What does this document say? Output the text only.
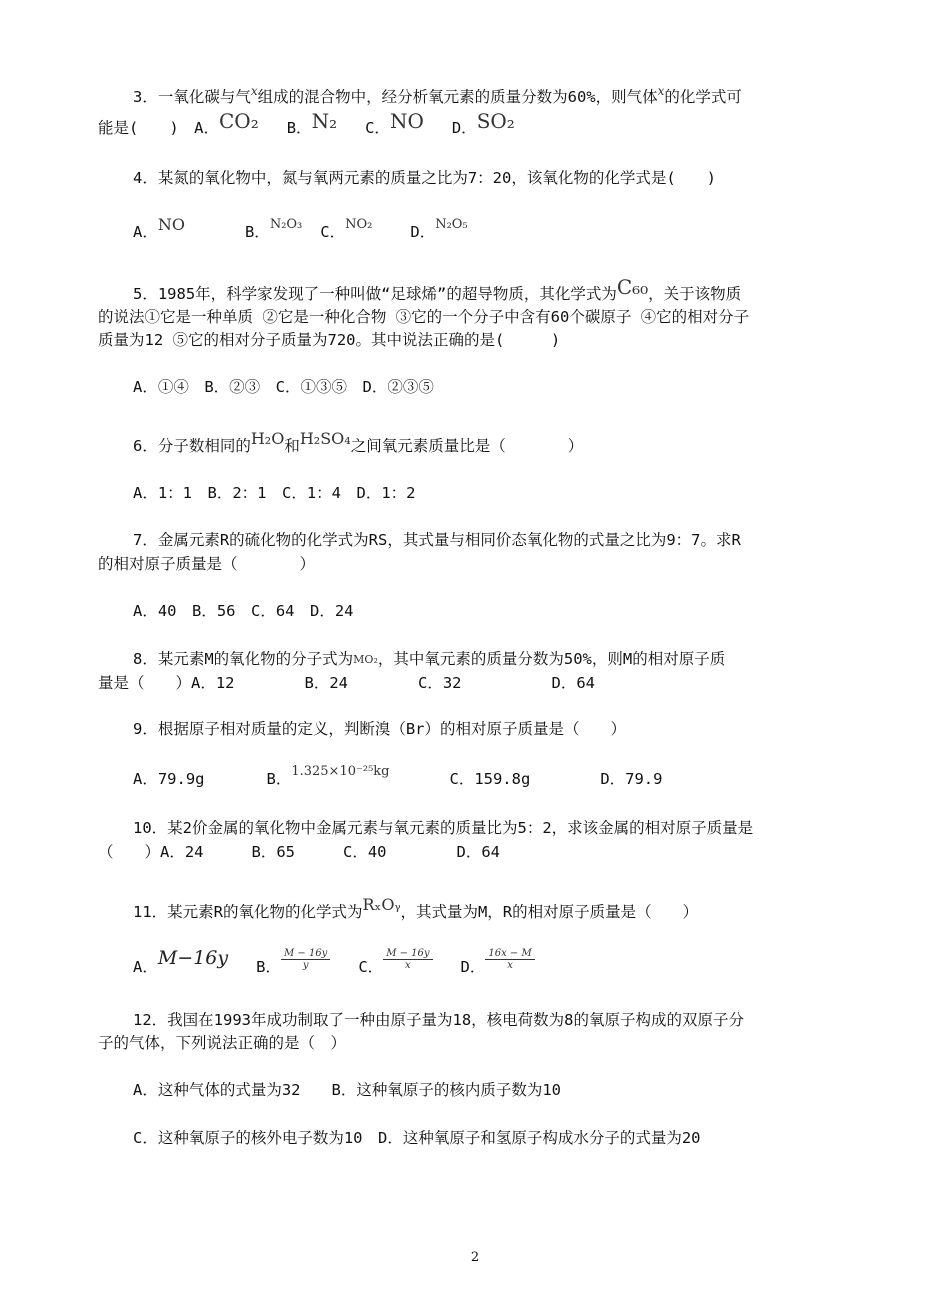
3．一氧化碳与气$^x$组成的混合物中，经分析氧元素的质量分数为60%，则气体$^x$的化学式可
能是(　　)　A．CO₂ B．N₂ C．NO D．SO₂
4．某氮的氧化物中，氮与氧两元素的质量之比为7：20，该氧化物的化学式是(　　)
A．NO	B．N₂O₃ C．NO₂ D．N₂O₅
5．1985年，科学家发现了一种叫做“足球烯”的超导物质，其化学式为C₆₀，关于该物质
的说法①它是一种单质 ②它是一种化合物 ③它的一个分子中含有60个碳原子 ④它的相对分子
质量为12 ⑤它的相对分子质量为720。其中说法正确的是(　　　)
A．①④　B．②③　C．①③⑤　D．②③⑤
6．分子数相同的H₂O和H₂SO₄之间氧元素质量比是（　　　　）
A．1：1　B．2：1　C．1：4　D．1：2
7．金属元素R的硫化物的化学式为RS，其式量与相同价态氧化物的式量之比为9：7。求R
的相对原子质量是（　　　　）
A．40　B．56　C．64　D．24
8．某元素M的氧化物的分子式为MO₂，其中氧元素的质量分数为50%，则M的相对原子质
量是（　　）A．12	B．24	C．32	D．64
9．根据原子相对质量的定义，判断溴（Br）的相对原子质量是（　　）
A．79.9g	B．1.325×10⁻²⁵kg	C．159.8g	D．79.9
10．某2价金属的氧化物中金属元素与氧元素的质量比为5：2，求该金属的相对原子质量是
（　　）A．24	B．65	C．40	D．64
11．某元素R的氧化物的化学式为RₓOᵧ，其式量为M，R的相对原子质量是（　　）
A．M−16y B． $\frac{M - 16y}{y}$ C． $\frac{M - 16y}{x}$ D． $\frac{16x - M}{x}$
12．我国在1993年成功制取了一种由原子量为18，核电荷数为8的氧原子构成的双原子分
子的气体，下列说法正确的是（　）
A．这种气体的式量为32　　B．这种氧原子的核内质子数为10
C．这种氧原子的核外电子数为10　D．这种氧原子和氢原子构成水分子的式量为20
2
